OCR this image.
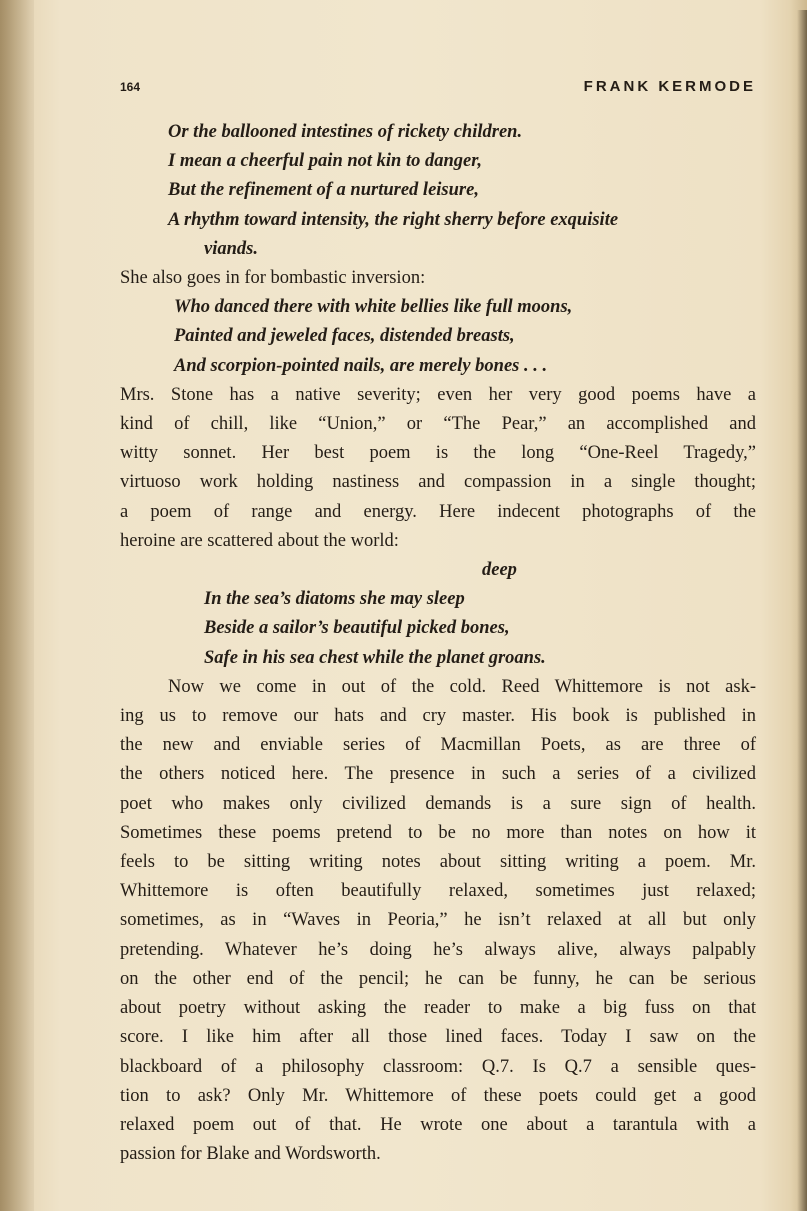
164	FRANK KERMODE
Or the ballooned intestines of rickety children.
I mean a cheerful pain not kin to danger,
But the refinement of a nurtured leisure,
A rhythm toward intensity, the right sherry before exquisite
viands.
She also goes in for bombastic inversion:
Who danced there with white bellies like full moons,
Painted and jeweled faces, distended breasts,
And scorpion-pointed nails, are merely bones . . .
Mrs. Stone has a native severity; even her very good poems have a
kind of chill, like “Union,” or “The Pear,” an accomplished and
witty sonnet. Her best poem is the long “One-Reel Tragedy,”
virtuoso work holding nastiness and compassion in a single thought;
a poem of range and energy. Here indecent photographs of the
heroine are scattered about the world:
deep
In the sea’s diatoms she may sleep
Beside a sailor’s beautiful picked bones,
Safe in his sea chest while the planet groans.
Now we come in out of the cold. Reed Whittemore is not ask-
ing us to remove our hats and cry master. His book is published in
the new and enviable series of Macmillan Poets, as are three of
the others noticed here. The presence in such a series of a civilized
poet who makes only civilized demands is a sure sign of health.
Sometimes these poems pretend to be no more than notes on how it
feels to be sitting writing notes about sitting writing a poem. Mr.
Whittemore is often beautifully relaxed, sometimes just relaxed;
sometimes, as in “Waves in Peoria,” he isn’t relaxed at all but only
pretending. Whatever he’s doing he’s always alive, always palpably
on the other end of the pencil; he can be funny, he can be serious
about poetry without asking the reader to make a big fuss on that
score. I like him after all those lined faces. Today I saw on the
blackboard of a philosophy classroom: Q.7. Is Q.7 a sensible ques-
tion to ask? Only Mr. Whittemore of these poets could get a good
relaxed poem out of that. He wrote one about a tarantula with a
passion for Blake and Wordsworth.
